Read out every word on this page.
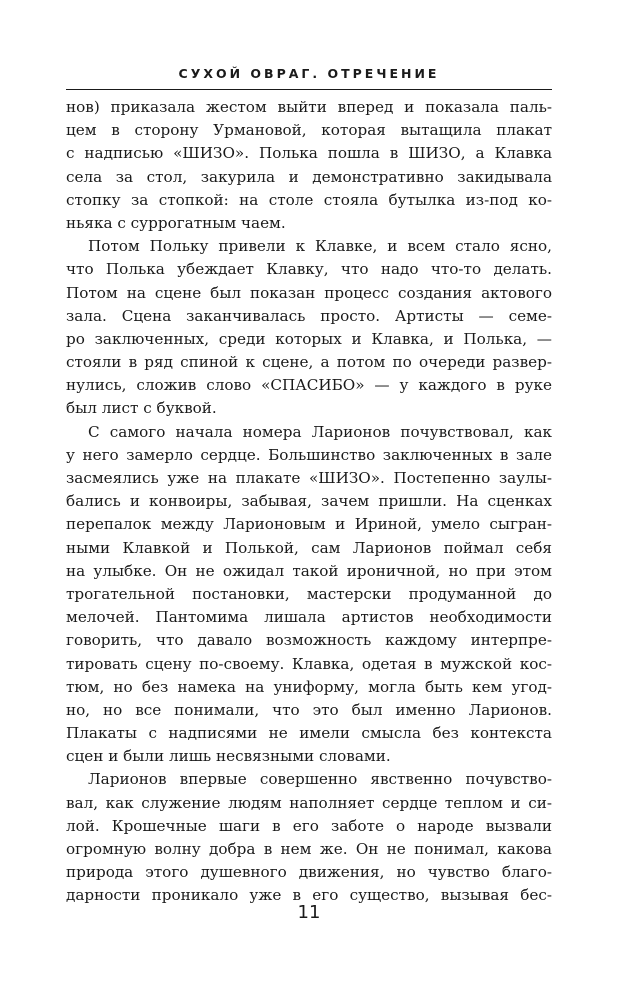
СУХОЙ ОВРАГ. ОТРЕЧЕНИЕ
нов) приказала жестом выйти вперед и показала паль-
цем в сторону Урмановой, которая вытащила плакат
с надписью «ШИЗО». Полька пошла в ШИЗО, а Клавка
села за стол, закурила и демонстративно закидывала
стопку за стопкой: на столе стояла бутылка из-под ко-
ньяка с суррогатным чаем.
Потом Польку привели к Клавке, и всем стало ясно,
что Полька убеждает Клавку, что надо что-то делать.
Потом на сцене был показан процесс создания актового
зала. Сцена заканчивалась просто. Артисты — семе-
ро заключенных, среди которых и Клавка, и Полька, —
стояли в ряд спиной к сцене, а потом по очереди развер-
нулись, сложив слово «СПАСИБО» — у каждого в руке
был лист с буквой.
С самого начала номера Ларионов почувствовал, как
у него замерло сердце. Большинство заключенных в зале
засмеялись уже на плакате «ШИЗО». Постепенно заулы-
бались и конвоиры, забывая, зачем пришли. На сценках
перепалок между Ларионовым и Ириной, умело сыгран-
ными Клавкой и Полькой, сам Ларионов поймал себя
на улыбке. Он не ожидал такой ироничной, но при этом
трогательной постановки, мастерски продуманной до
мелочей. Пантомима лишала артистов необходимости
говорить, что давало возможность каждому интерпре-
тировать сцену по-своему. Клавка, одетая в мужской кос-
тюм, но без намека на униформу, могла быть кем угод-
но, но все понимали, что это был именно Ларионов.
Плакаты с надписями не имели смысла без контекста
сцен и были лишь несвязными словами.
Ларионов впервые совершенно явственно почувство-
вал, как служение людям наполняет сердце теплом и си-
лой. Крошечные шаги в его заботе о народе вызвали
огромную волну добра в нем же. Он не понимал, какова
природа этого душевного движения, но чувство благо-
дарности проникало уже в его существо, вызывая бес-
11
